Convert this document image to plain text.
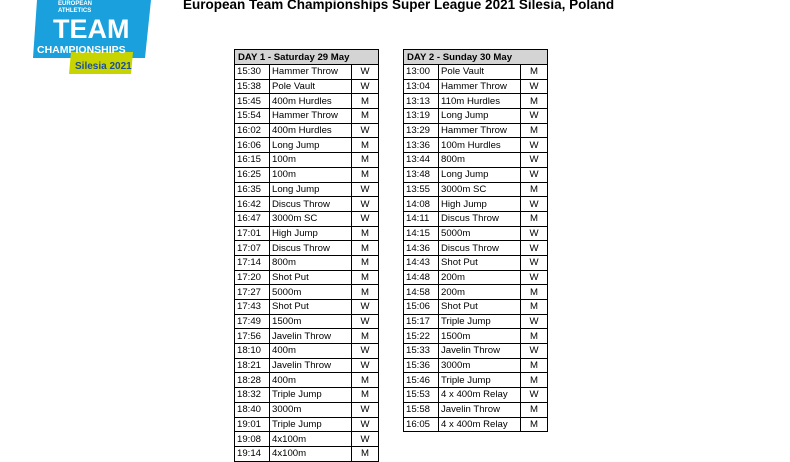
EUROPEAN
ATHLETICS
TEAM
CHAMPIONSHIPS
Silesia 2021
European Team Championships Super League 2021 Silesia, Poland
DAY 1 - Saturday 29 May		
15:30	Hammer Throw	W
15:38	Pole Vault	W
15:45	400m Hurdles	M
15:54	Hammer Throw	M
16:02	400m Hurdles	W
16:06	Long Jump	M
16:15	100m	M
16:25	100m	M
16:35	Long Jump	W
16:42	Discus Throw	W
16:47	3000m SC	W
17:01	High Jump	M
17:07	Discus Throw	M
17:14	800m	M
17:20	Shot Put	M
17:27	5000m	M
17:43	Shot Put	W
17:49	1500m	W
17:56	Javelin Throw	M
18:10	400m	W
18:21	Javelin Throw	W
18:28	400m	M
18:32	Triple Jump	M
18:40	3000m	W
19:01	Triple Jump	W
19:08	4x100m	W
19:14	4x100m	M
DAY 2 - Sunday 30 May		
13:00	Pole Vault	M
13:04	Hammer Throw	W
13:13	110m Hurdles	M
13:19	Long Jump	W
13:29	Hammer Throw	M
13:36	100m Hurdles	W
13:44	800m	W
13:48	Long Jump	W
13:55	3000m SC	M
14:08	High Jump	W
14:11	Discus Throw	M
14:15	5000m	W
14:36	Discus Throw	W
14:43	Shot Put	W
14:48	200m	W
14:58	200m	M
15:06	Shot Put	M
15:17	Triple Jump	W
15:22	1500m	M
15:33	Javelin Throw	W
15:36	3000m	M
15:46	Triple Jump	M
15:53	4 x 400m Relay	W
15:58	Javelin Throw	M
16:05	4 x 400m Relay	M
